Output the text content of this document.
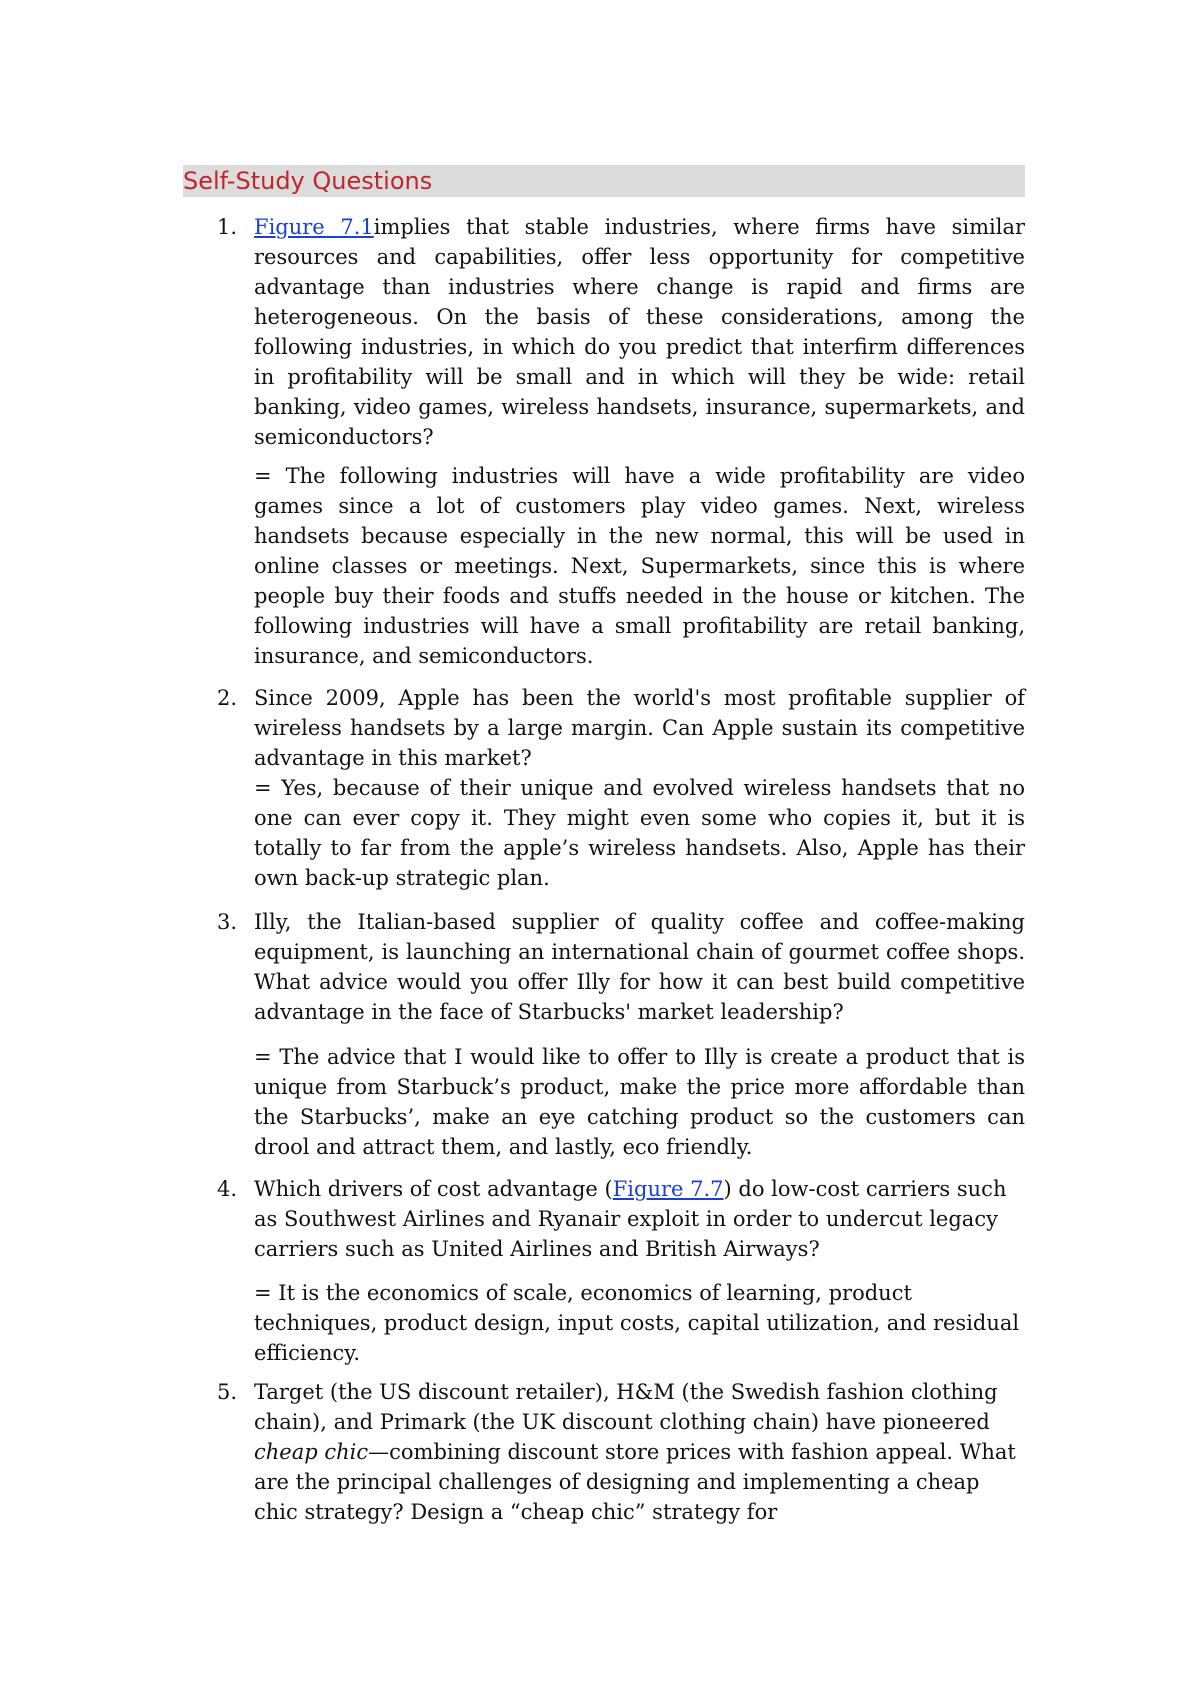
Self-Study Questions
1. Figure 7.1implies that stable industries, where firms have similar resources and capabilities, offer less opportunity for competitive advantage than industries where change is rapid and firms are heterogeneous. On the basis of these considerations, among the following industries, in which do you predict that interfirm differences in profitability will be small and in which will they be wide: retail banking, video games, wireless handsets, insurance, supermarkets, and semiconductors?
= The following industries will have a wide profitability are video games since a lot of customers play video games. Next, wireless handsets because especially in the new normal, this will be used in online classes or meetings. Next, Supermarkets, since this is where people buy their foods and stuffs needed in the house or kitchen. The following industries will have a small profitability are retail banking, insurance, and semiconductors.
2. Since 2009, Apple has been the world's most profitable supplier of wireless handsets by a large margin. Can Apple sustain its competitive advantage in this market?
= Yes, because of their unique and evolved wireless handsets that no one can ever copy it. They might even some who copies it, but it is totally to far from the apple’s wireless handsets. Also, Apple has their own back-up strategic plan.
3. Illy, the Italian-based supplier of quality coffee and coffee-making equipment, is launching an international chain of gourmet coffee shops. What advice would you offer Illy for how it can best build competitive advantage in the face of Starbucks' market leadership?
= The advice that I would like to offer to Illy is create a product that is unique from Starbuck’s product, make the price more affordable than the Starbucks’, make an eye catching product so the customers can drool and attract them, and lastly, eco friendly.
4. Which drivers of cost advantage (Figure 7.7) do low-cost carriers such as Southwest Airlines and Ryanair exploit in order to undercut legacy carriers such as United Airlines and British Airways?
= It is the economics of scale, economics of learning, product techniques, product design, input costs, capital utilization, and residual efficiency.
5. Target (the US discount retailer), H&M (the Swedish fashion clothing chain), and Primark (the UK discount clothing chain) have pioneered cheap chic—combining discount store prices with fashion appeal. What are the principal challenges of designing and implementing a cheap chic strategy? Design a “cheap chic” strategy for
